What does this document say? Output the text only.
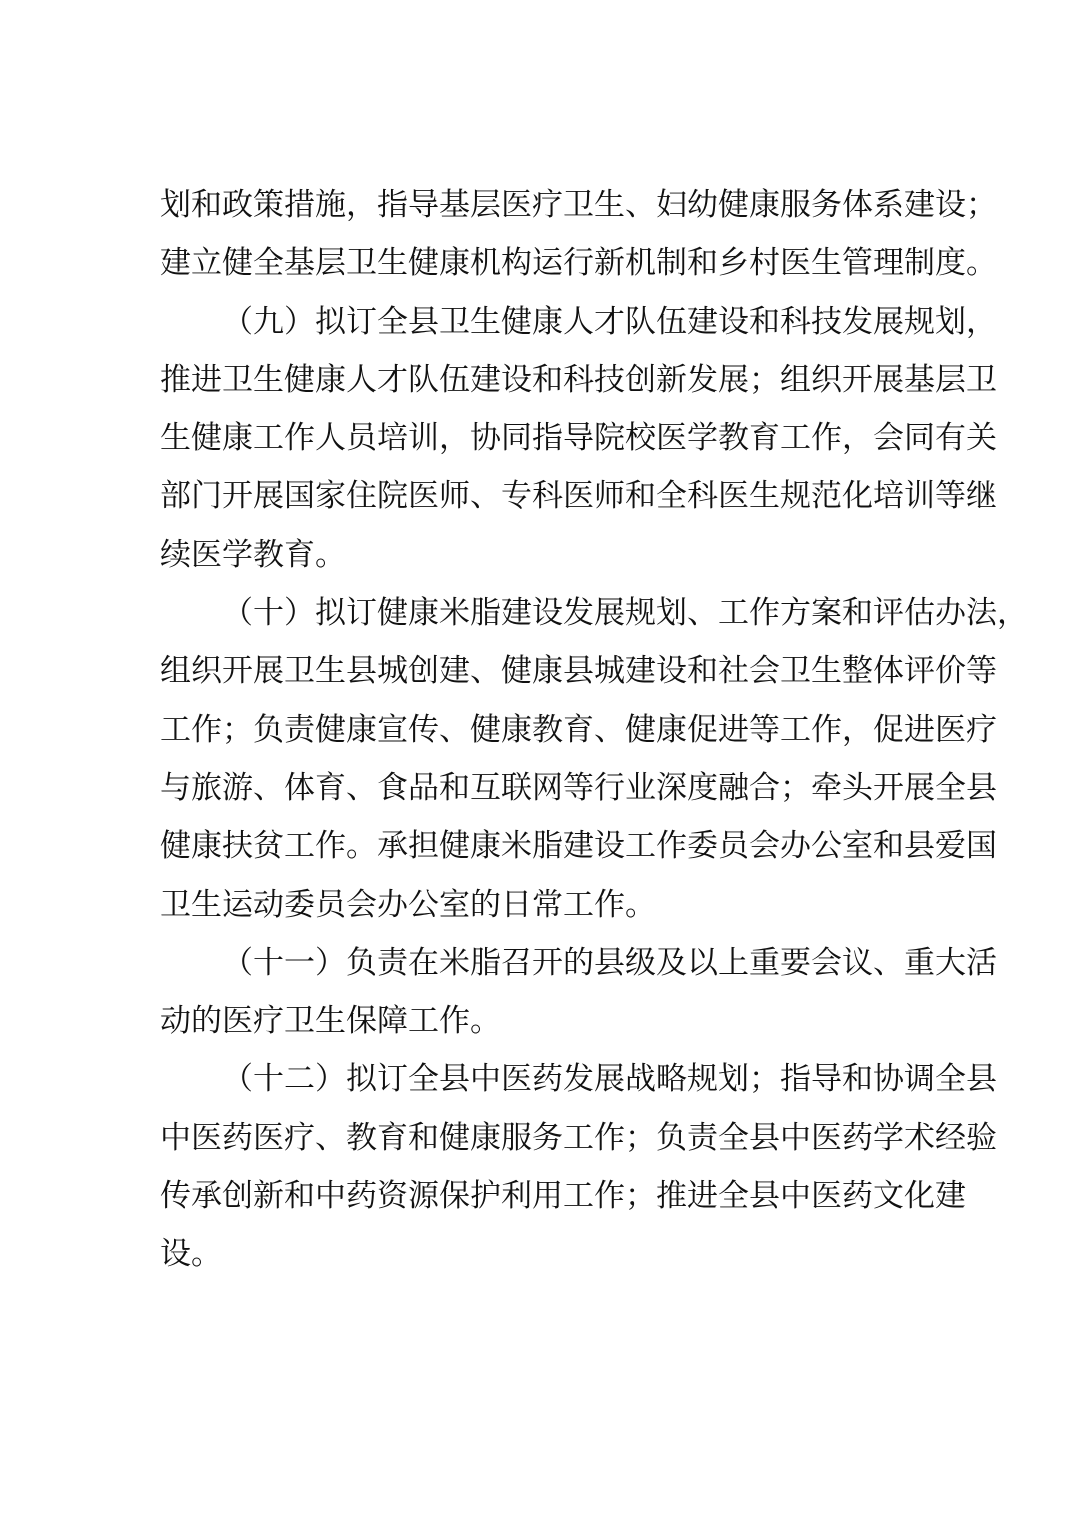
划和政策措施，指导基层医疗卫生、妇幼健康服务体系建设；
建立健全基层卫生健康机构运行新机制和乡村医生管理制度。
（九）拟订全县卫生健康人才队伍建设和科技发展规划，
推进卫生健康人才队伍建设和科技创新发展；组织开展基层卫
生健康工作人员培训，协同指导院校医学教育工作，会同有关
部门开展国家住院医师、专科医师和全科医生规范化培训等继
续医学教育。
（十）拟订健康米脂建设发展规划、工作方案和评估办法，
组织开展卫生县城创建、健康县城建设和社会卫生整体评价等
工作；负责健康宣传、健康教育、健康促进等工作，促进医疗
与旅游、体育、食品和互联网等行业深度融合；牵头开展全县
健康扶贫工作。承担健康米脂建设工作委员会办公室和县爱国
卫生运动委员会办公室的日常工作。
（十一）负责在米脂召开的县级及以上重要会议、重大活
动的医疗卫生保障工作。
（十二）拟订全县中医药发展战略规划；指导和协调全县
中医药医疗、教育和健康服务工作；负责全县中医药学术经验
传承创新和中药资源保护利用工作；推进全县中医药文化建
设。
